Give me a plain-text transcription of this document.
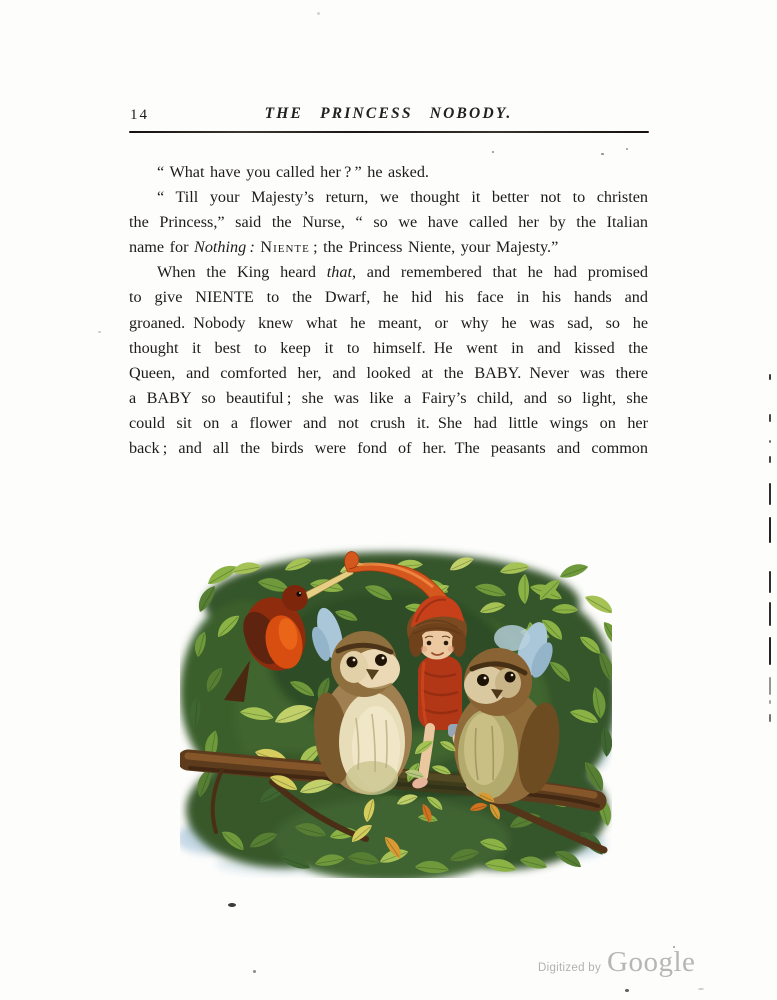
14	THE PRINCESS NOBODY.
“ What have you called her ? ” he asked.
“ Till your Majesty’s return, we thought it better not to christen
the Princess,” said the Nurse, “ so we have called her by the Italian
name for Nothing : Niente ; the Princess Niente, your Majesty.”
When the King heard that, and remembered that he had promised
to give NIENTE to the Dwarf, he hid his face in his hands and
groaned. Nobody knew what he meant, or why he was sad, so he
thought it best to keep it to himself. He went in and kissed the
Queen, and comforted her, and looked at the BABY. Never was there
a BABY so beautiful ; she was like a Fairy’s child, and so light, she
could sit on a flower and not crush it. She had little wings on her
back ; and all the birds were fond of her. The peasants and common
Digitized by Google
